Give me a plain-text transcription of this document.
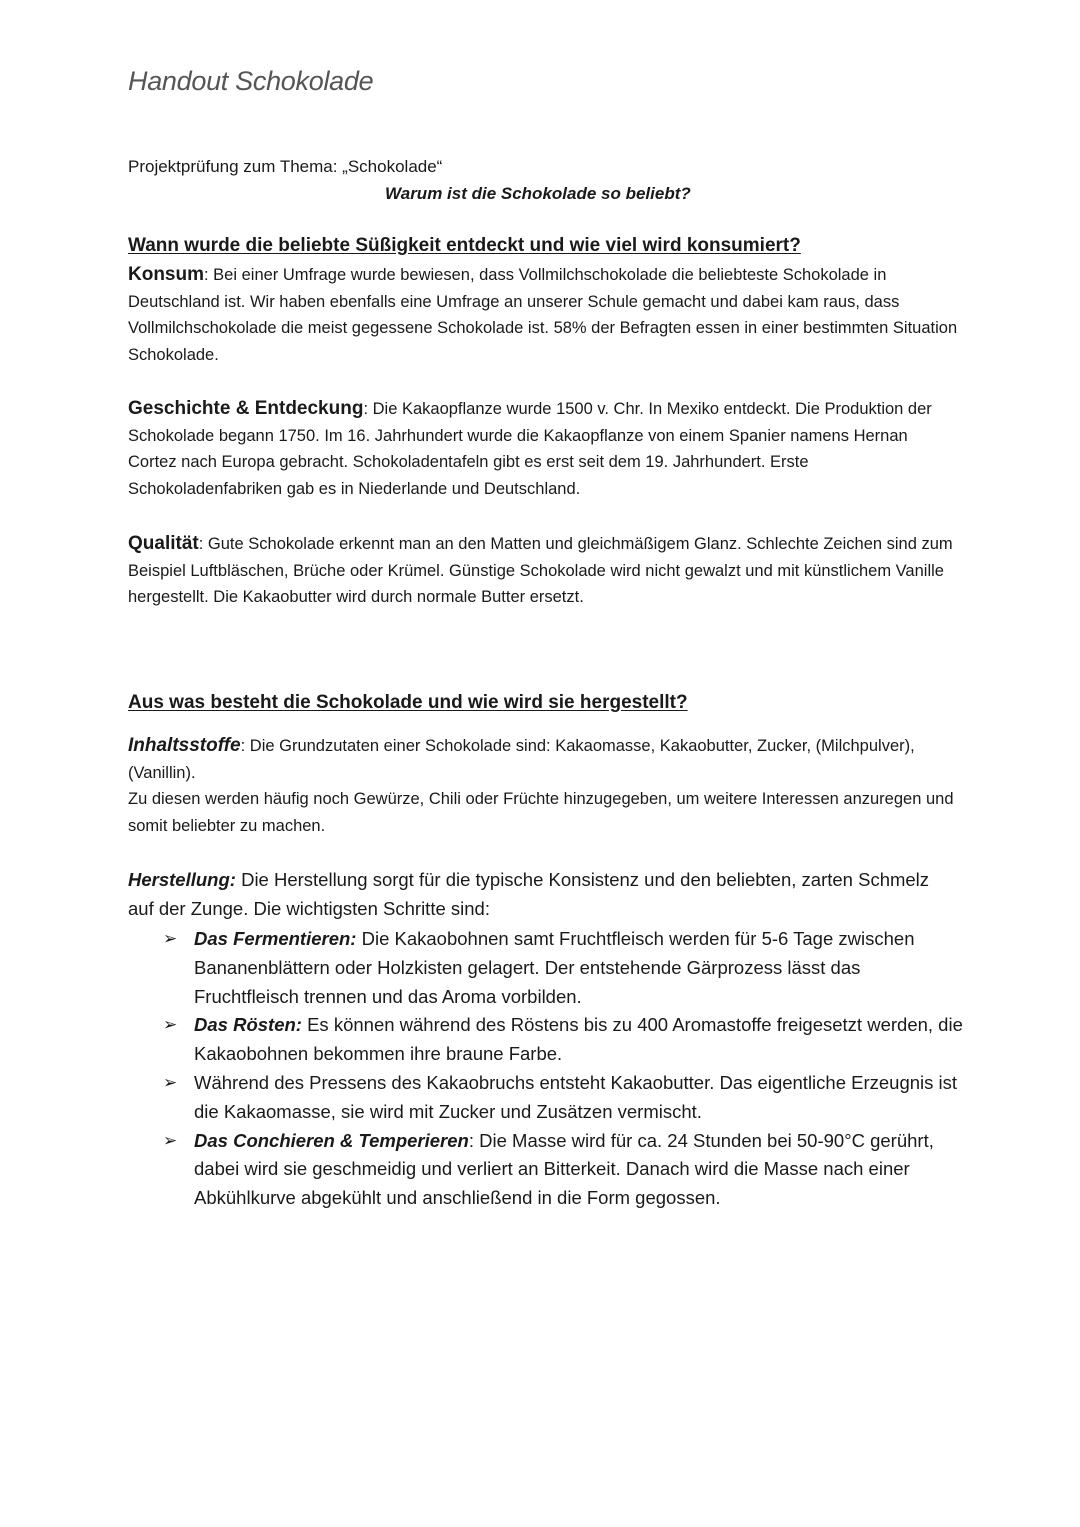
Handout Schokolade
Projektprüfung zum Thema: „Schokolade“
Warum ist die Schokolade so beliebt?
Wann wurde die beliebte Süßigkeit entdeckt und wie viel wird konsumiert?
Konsum: Bei einer Umfrage wurde bewiesen, dass Vollmilchschokolade die beliebteste Schokolade in Deutschland ist. Wir haben ebenfalls eine Umfrage an unserer Schule gemacht und dabei kam raus, dass Vollmilchschokolade die meist gegessene Schokolade ist. 58% der Befragten essen in einer bestimmten Situation Schokolade.
Geschichte & Entdeckung: Die Kakaopflanze wurde 1500 v. Chr. In Mexiko entdeckt. Die Produktion der Schokolade begann 1750. Im 16. Jahrhundert wurde die Kakaopflanze von einem Spanier namens Hernan Cortez nach Europa gebracht. Schokoladentafeln gibt es erst seit dem 19. Jahrhundert. Erste Schokoladenfabriken gab es in Niederlande und Deutschland.
Qualität: Gute Schokolade erkennt man an den Matten und gleichmäßigem Glanz. Schlechte Zeichen sind zum Beispiel Luftbläschen, Brüche oder Krümel. Günstige Schokolade wird nicht gewalzt und mit künstlichem Vanille hergestellt. Die Kakaobutter wird durch normale Butter ersetzt.
Aus was besteht die Schokolade und wie wird sie hergestellt?
Inhaltsstoffe: Die Grundzutaten einer Schokolade sind: Kakaomasse, Kakaobutter, Zucker, (Milchpulver), (Vanillin).
Zu diesen werden häufig noch Gewürze, Chili oder Früchte hinzugegeben, um weitere Interessen anzuregen und somit beliebter zu machen.
Herstellung: Die Herstellung sorgt für die typische Konsistenz und den beliebten, zarten Schmelz auf der Zunge. Die wichtigsten Schritte sind:
➢ Das Fermentieren: Die Kakaobohnen samt Fruchtfleisch werden für 5-6 Tage zwischen Bananenblättern oder Holzkisten gelagert. Der entstehende Gärprozess lässt das Fruchtfleisch trennen und das Aroma vorbilden.
➢ Das Rösten: Es können während des Röstens bis zu 400 Aromastoffe freigesetzt werden, die Kakaobohnen bekommen ihre braune Farbe.
➢ Während des Pressens des Kakaobruchs entsteht Kakaobutter. Das eigentliche Erzeugnis ist die Kakaomasse, sie wird mit Zucker und Zusätzen vermischt.
➢ Das Conchieren & Temperieren: Die Masse wird für ca. 24 Stunden bei 50-90°C gerührt, dabei wird sie geschmeidig und verliert an Bitterkeit. Danach wird die Masse nach einer Abkühlkurve abgekühlt und anschließend in die Form gegossen.
